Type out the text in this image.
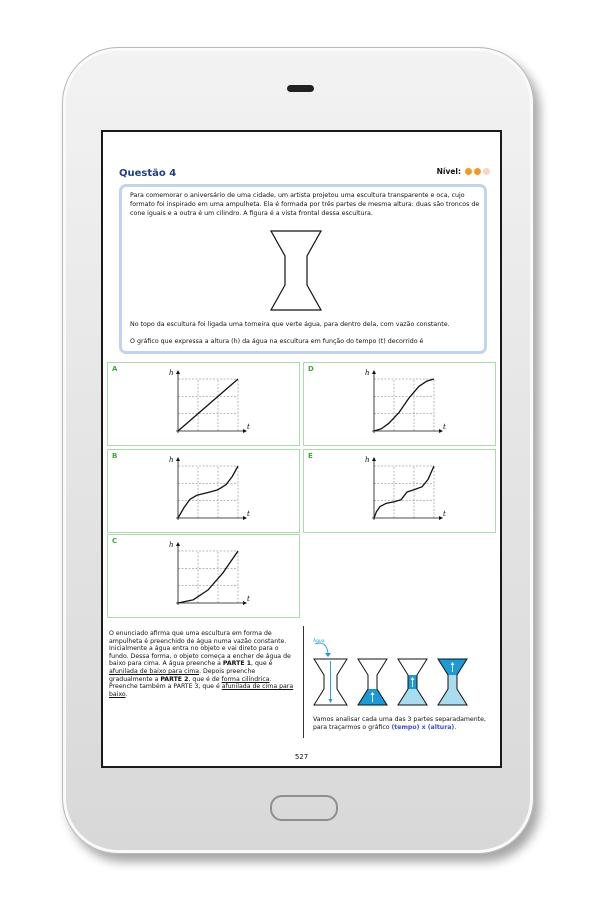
Questão 4	Nível:
Para comemorar o aniversário de uma cidade, um artista projetou uma escultura transparente e oca, cujo formato foi inspirado em uma ampulheta. Ela é formada por três partes de mesma altura: duas são troncos de cone iguais e a outra é um cilindro. A figura é a vista frontal dessa escultura.
No topo da escultura foi ligada uma torneira que verte água, para dentro dela, com vazão constante.
O gráfico que expressa a altura (h) da água na escultura em função do tempo (t) decorrido é
A	h
t
D	h
t
B	h
t
E	h
t
C	h
t
O enunciado afirma que uma escultura em forma de ampulheta é preenchido de água numa vazão constante. Inicialmente a água entra no objeto e vai direto para o fundo. Dessa forma, o objeto começa a encher de água de baixo para cima. A água preenche a PARTE 1, que é afunilada de baixo para cima. Depois preenche gradualmente a PARTE 2, que é de forma cilíndrica. Preenche também a PARTE 3, que é afunilada de cima para baixo.
Água
Vamos analisar cada uma das 3 partes separadamente, para traçarmos o gráfico (tempo) x (altura).
527
